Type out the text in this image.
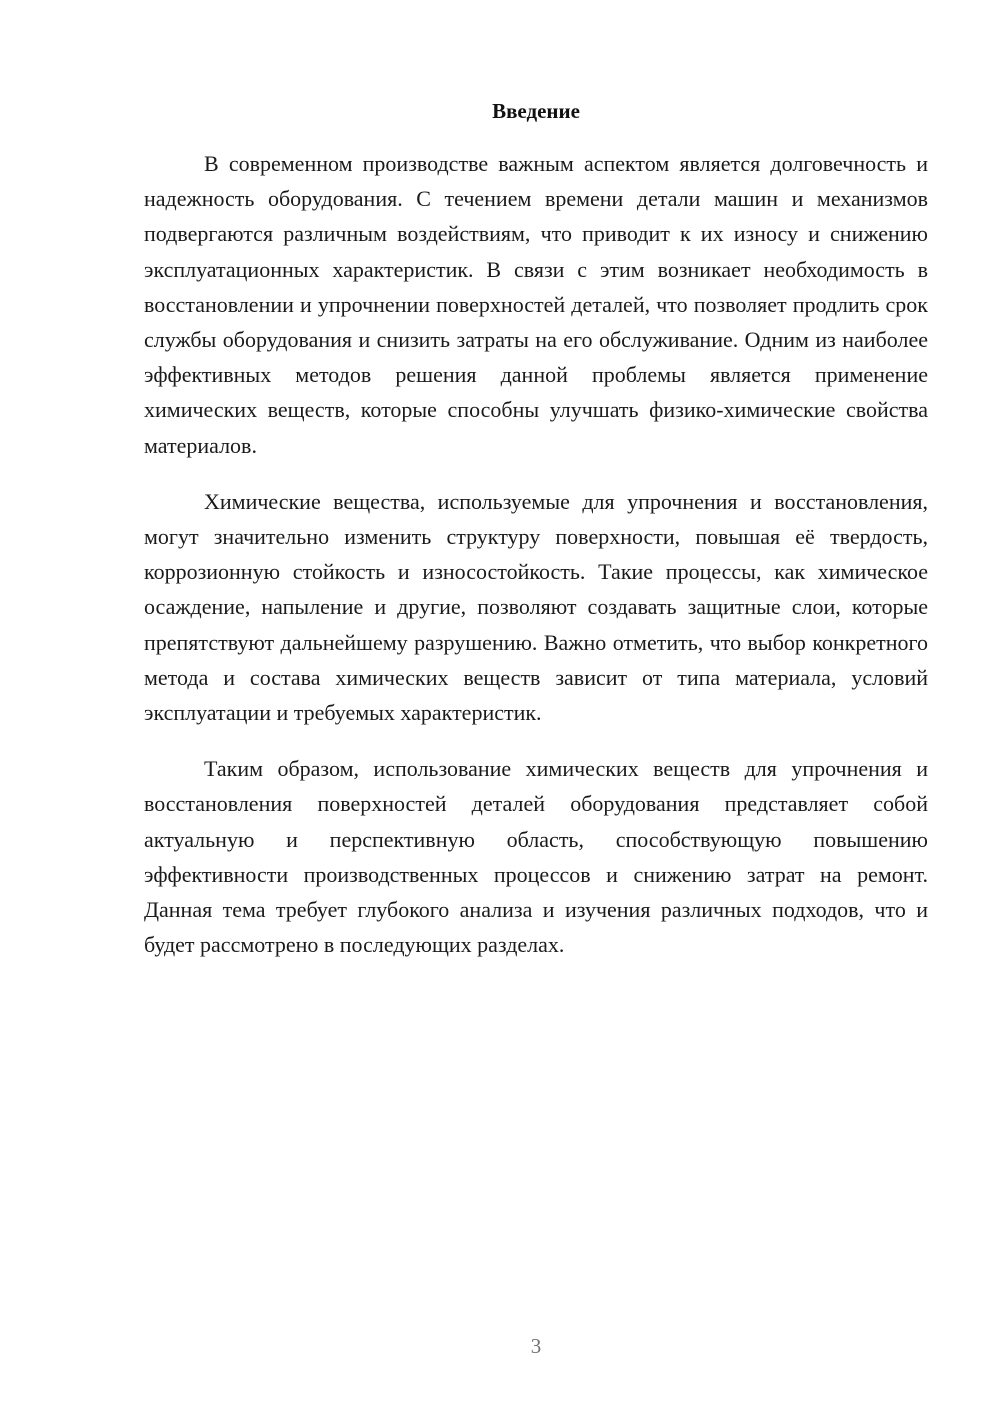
Введение

В современном производстве важным аспектом является долговечность и надежность оборудования. С течением времени детали машин и механизмов подвергаются различным воздействиям, что приводит к их износу и снижению эксплуатационных характеристик. В связи с этим возникает необходимость в восстановлении и упрочнении поверхностей деталей, что позволяет продлить срок службы оборудования и снизить затраты на его обслуживание. Одним из наиболее эффективных методов решения данной проблемы является применение химических веществ, которые способны улучшать физико-химические свойства материалов.

Химические вещества, используемые для упрочнения и восстановления, могут значительно изменить структуру поверхности, повышая её твердость, коррозионную стойкость и износостойкость. Такие процессы, как химическое осаждение, напыление и другие, позволяют создавать защитные слои, которые препятствуют дальнейшему разрушению. Важно отметить, что выбор конкретного метода и состава химических веществ зависит от типа материала, условий эксплуатации и требуемых характеристик.

Таким образом, использование химических веществ для упрочнения и восстановления поверхностей деталей оборудования представляет собой актуальную и перспективную область, способствующую повышению эффективности производственных процессов и снижению затрат на ремонт. Данная тема требует глубокого анализа и изучения различных подходов, что и будет рассмотрено в последующих разделах.

3
